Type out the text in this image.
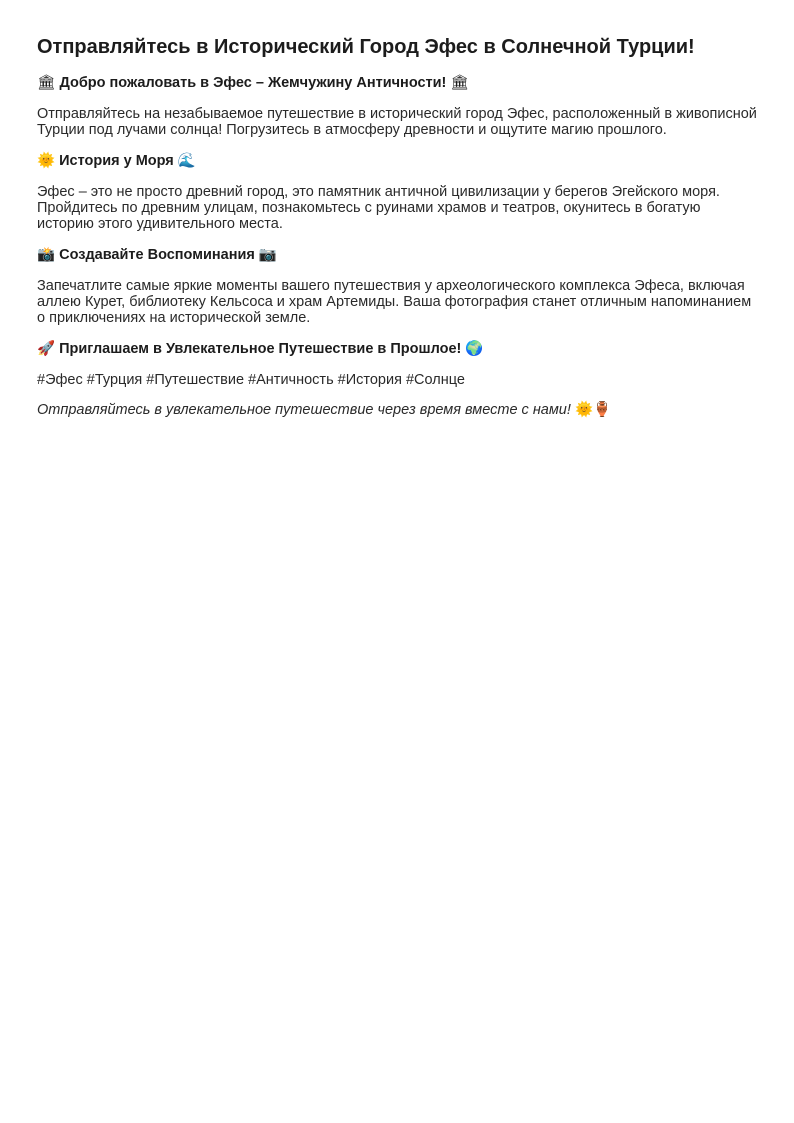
Отправляйтесь в Исторический Город Эфес в Солнечной Турции!
🏛 Добро пожаловать в Эфес – Жемчужину Античности! 🏛

Отправляйтесь на незабываемое путешествие в исторический город Эфес, расположенный в живописной Турции под лучами солнца! Погрузитесь в атмосферу древности и ощутите магию прошлого.

🌞 История у Моря 🌊

Эфес – это не просто древний город, это памятник античной цивилизации у берегов Эгейского моря. Пройдитесь по древним улицам, познакомьтесь с руинами храмов и театров, окунитесь в богатую историю этого удивительного места.

📸 Создавайте Воспоминания 📷

Запечатлите самые яркие моменты вашего путешествия у археологического комплекса Эфеса, включая аллею Курет, библиотеку Кельсоса и храм Артемиды. Ваша фотография станет отличным напоминанием о приключениях на исторической земле.

🚀 Приглашаем в Увлекательное Путешествие в Прошлое! 🌍

#Эфес #Турция #Путешествие #Античность #История #Солнце

Отправляйтесь в увлекательное путешествие через время вместе с нами! 🌞🏺
